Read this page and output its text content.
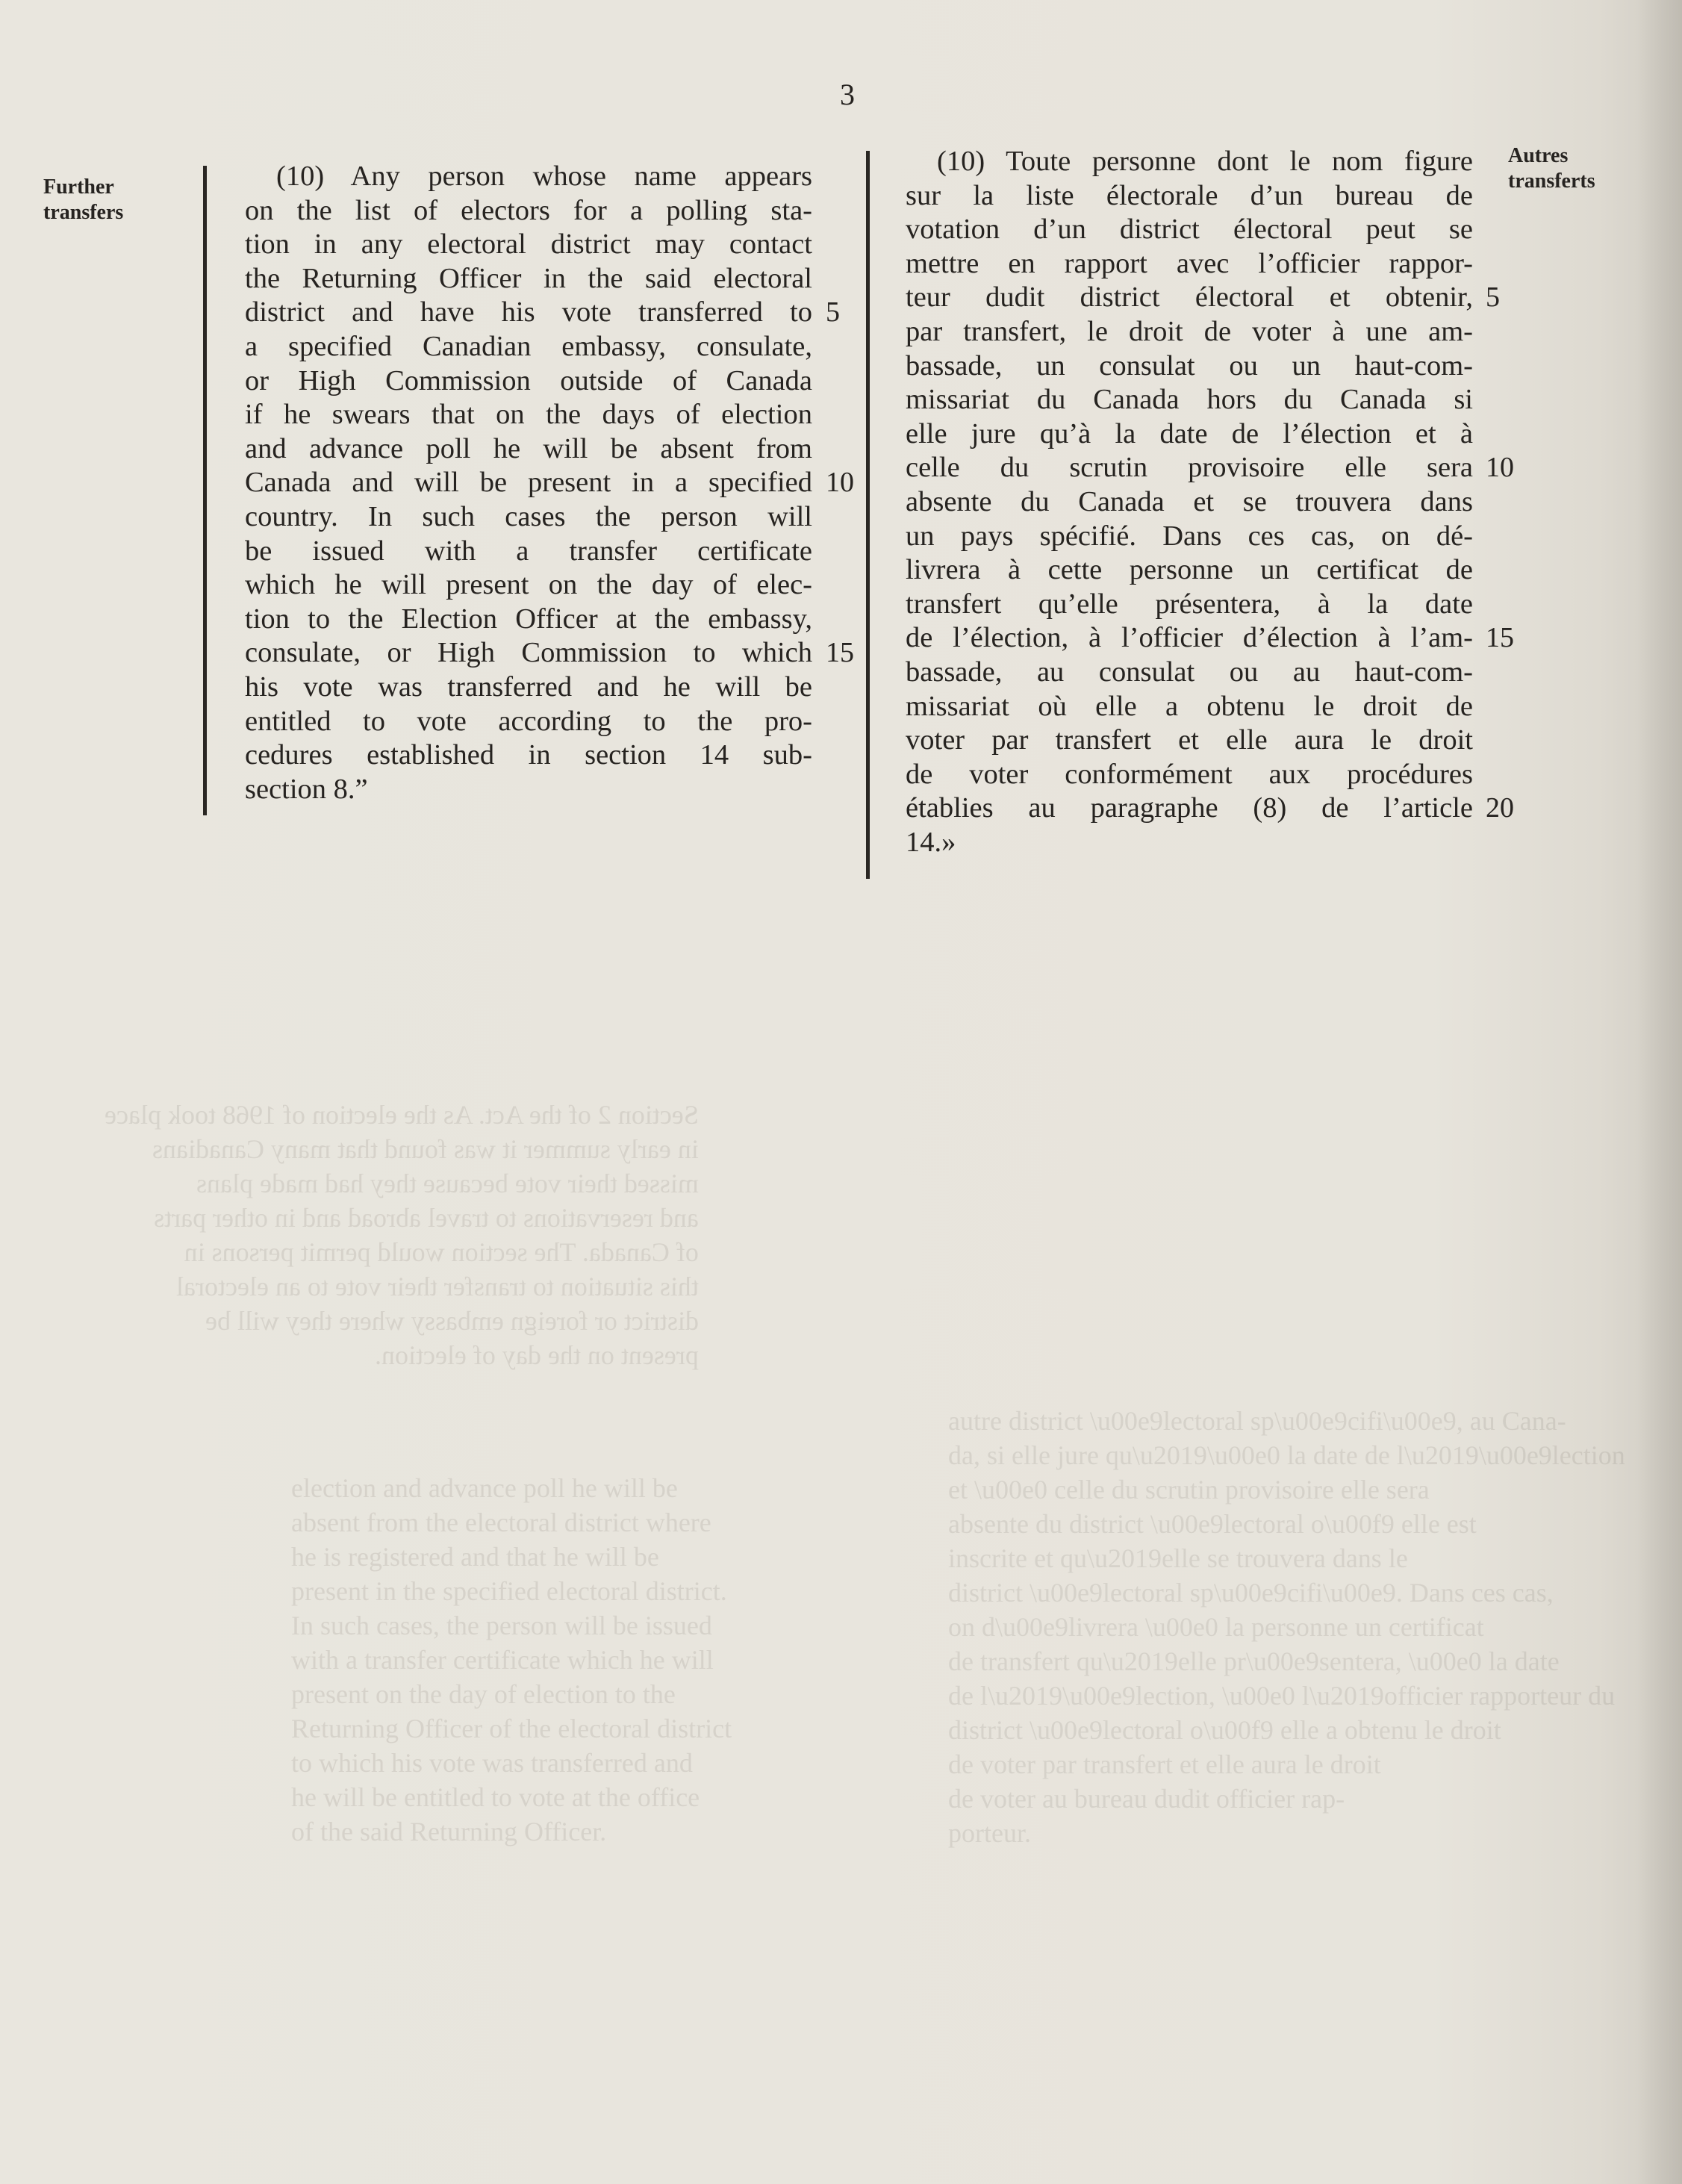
Section 2 of the Act. As the election of 1968 took place
in early summer it was found that many Canadians
missed their vote because they had made plans
and reservations to travel abroad and in other parts
of Canada. The section would permit persons in
this situation to transfer their vote to an electoral
district or foreign embassy where they will be
present on the day of election.
autre district \u00e9lectoral sp\u00e9cifi\u00e9, au Cana-
da, si elle jure qu\u2019\u00e0 la date de l\u2019\u00e9lection
et \u00e0 celle du scrutin provisoire elle sera
absente du district \u00e9lectoral o\u00f9 elle est
inscrite et qu\u2019elle se trouvera dans le
district \u00e9lectoral sp\u00e9cifi\u00e9. Dans ces cas,
on d\u00e9livrera \u00e0 la personne un certificat
de transfert qu\u2019elle pr\u00e9sentera, \u00e0 la date
de l\u2019\u00e9lection, \u00e0 l\u2019officier rapporteur du
district \u00e9lectoral o\u00f9 elle a obtenu le droit
de voter par transfert et elle aura le droit
de voter au bureau dudit officier rap-
porteur.
election and advance poll he will be
absent from the electoral district where
he is registered and that he will be
present in the specified electoral district.
In such cases, the person will be issued
with a transfer certificate which he will
present on the day of election to the
Returning Officer of the electoral district
to which his vote was transferred and
he will be entitled to vote at the office
of the said Returning Officer.
3
Further
transfers
(10) Any person whose name appears
on the list of electors for a polling sta-
tion in any electoral district may contact
the Returning Officer in the said electoral
district and have his vote transferred to
a specified Canadian embassy, consulate,
or High Commission outside of Canada
if he swears that on the days of election
and advance poll he will be absent from
Canada and will be present in a specified
country. In such cases the person will
be issued with a transfer certificate
which he will present on the day of elec-
tion to the Election Officer at the embassy,
consulate, or High Commission to which
his vote was transferred and he will be
entitled to vote according to the pro-
cedures established in section 14 sub-
section 8.”
5
10
15
(10) Toute personne dont le nom figure
sur la liste électorale d’un bureau de
votation d’un district électoral peut se
mettre en rapport avec l’officier rappor-
teur dudit district électoral et obtenir,
par transfert, le droit de voter à une am-
bassade, un consulat ou un haut-com-
missariat du Canada hors du Canada si
elle jure qu’à la date de l’élection et à
celle du scrutin provisoire elle sera
absente du Canada et se trouvera dans
un pays spécifié. Dans ces cas, on dé-
livrera à cette personne un certificat de
transfert qu’elle présentera, à la date
de l’élection, à l’officier d’élection à l’am-
bassade, au consulat ou au haut-com-
missariat où elle a obtenu le droit de
voter par transfert et elle aura le droit
de voter conformément aux procédures
établies au paragraphe (8) de l’article
14.»
5
10
15
20
Autres
transferts
